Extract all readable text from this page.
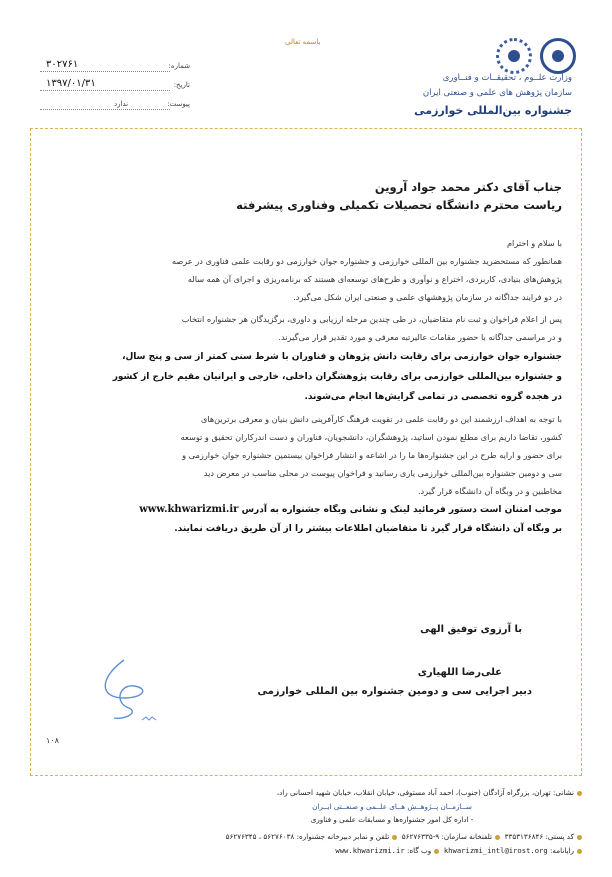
باسمه تعالی
وزارت علــوم ، تحقیقــات و فنــاوری
سازمان پژوهش های علمی و صنعتی ایران
جشنواره بین‌المللی خوارزمی
شماره:
۳۰۲۷۶۱
تاریخ:
۱۳۹۷/۰۱/۳۱
پیوست:
ندارد
جناب آقای دکتر محمد جواد آروین
ریاست محترم دانشگاه تحصیلات تکمیلی وفناوری پیشرفته
با سلام و احترام
همانطور که مستحضرید جشنواره بین المللی خوارزمی و جشنواره جوان خوارزمی دو رقابت علمی فناوری در عرصه
پژوهش‌های بنیادی، کاربردی، اختراع و نوآوری و طرح‌های توسعه‌ای هستند که برنامه‌ریزی و اجرای آن همه ساله
در دو فرایند جداگانه در سازمان پژوهشهای علمی و صنعتی ایران شکل می‌گیرد.
پس از اعلام فراخوان و ثبت نام متقاضیان، در طی چندین مرحله ارزیابی و داوری، برگزیدگان هر جشنواره انتخاب
و در مراسمی جداگانه با حضور مقامات عالیرتبه معرفی و مورد تقدیر قرار می‌گیرند.
جشنواره جوان خوارزمی برای رقابت دانش پژوهان و فناوران با شرط سنی کمتر از سی و پنج سال،
و جشنواره بین‌المللی خوارزمی برای رقابت پژوهشگران داخلی، خارجی و ایرانیان مقیم خارج از کشور
در هجده گروه تخصصی در تمامی گرایش‌ها انجام می‌شوند.
با توجه به اهداف ارزشمند این دو رقابت علمی در تقویت فرهنگ کارآفرینی دانش بنیان و معرفی برترین‌های
کشور، تقاضا داریم برای مطلع نمودن اساتید، پژوهشگران، دانشجویان، فناوران و دست اندرکاران تحقیق و توسعه
برای حضور و ارایه طرح در این جشنواره‌ها ما را در اشاعه و انتشار فراخوان بیستمین جشنواره جوان خوارزمی و
سی و دومین جشنواره بین‌المللی خوارزمی یاری رسانید و فراخوان پیوست در محلی مناسب در معرض دید
مخاطبین و در وبگاه آن دانشگاه قرار گیرد.
موجب امتنان است دستور فرمائید لینک و نشانی وبگاه جشنواره به آدرس www.khwarizmi.ir
بر وبگاه آن دانشگاه قرار گیرد تا متقاضیان اطلاعات بیشتر را از آن طریق دریافت نمایند.
با آرزوی توفیق الهی
علی‌رضا اللهیاری
دبیر اجرایی سی و دومین جشنواره بین المللی خوارزمی
۱۰۸
نشانی: تهران، بزرگراه آزادگان (جنوب)، احمد آباد مستوفی، خیابان انقلاب، خیابان شهید احسانی راد،
ســازمــان پــژوهــش هــای علــمی و صنعــتی ایــران
- اداره کل امور جشنواره‌ها و مسابقات علمی و فناوری
کد پستی: ۳۳۵۳۱۳۶۸۴۶  تلفنخانه سازمان: ۹-۵۶۲۷۶۳۳۵  تلفن و نمابر دبیرخانه جشنواره: ۵۶۲۷۶۰۳۸ ، ۵۶۲۷۶۳۴۵
رایانامه: khwarizmi_intl@irost.org  وب گاه: www.khwarizmi.ir
